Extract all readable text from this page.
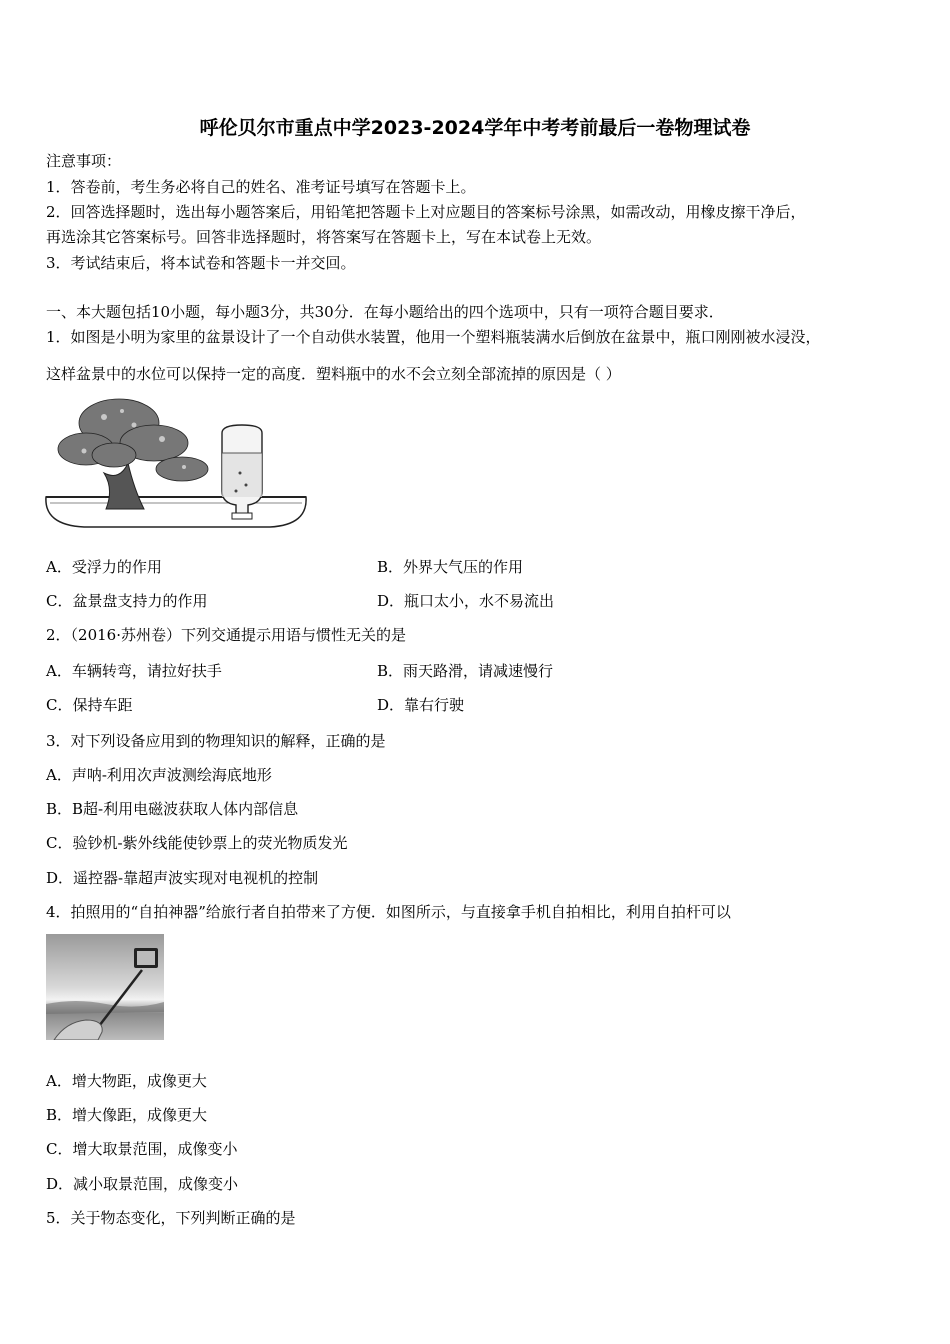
呼伦贝尔市重点中学2023-2024学年中考考前最后一卷物理试卷
注意事项：
1．答卷前，考生务必将自己的姓名、准考证号填写在答题卡上。
2．回答选择题时，选出每小题答案后，用铅笔把答题卡上对应题目的答案标号涂黑，如需改动，用橡皮擦干净后，
再选涂其它答案标号。回答非选择题时，将答案写在答题卡上，写在本试卷上无效。
3．考试结束后，将本试卷和答题卡一并交回。
一、本大题包括10小题，每小题3分，共30分．在每小题给出的四个选项中，只有一项符合题目要求．
1．如图是小明为家里的盆景设计了一个自动供水装置，他用一个塑料瓶装满水后倒放在盆景中，瓶口刚刚被水浸没，
这样盆景中的水位可以保持一定的高度．塑料瓶中的水不会立刻全部流掉的原因是（ ）
A．受浮力的作用	B．外界大气压的作用
C．盆景盘支持力的作用	D．瓶口太小，水不易流出
2．（2016·苏州卷）下列交通提示用语与惯性无关的是
A．车辆转弯，请拉好扶手	B．雨天路滑，请减速慢行
C．保持车距	D．靠右行驶
3．对下列设备应用到的物理知识的解释，正确的是
A．声呐-利用次声波测绘海底地形
B．B超-利用电磁波获取人体内部信息
C．验钞机-紫外线能使钞票上的荧光物质发光
D．遥控器-靠超声波实现对电视机的控制
4．拍照用的“自拍神器”给旅行者自拍带来了方便．如图所示，与直接拿手机自拍相比，利用自拍杆可以
A．增大物距，成像更大
B．增大像距，成像更大
C．增大取景范围，成像变小
D．减小取景范围，成像变小
5．关于物态变化，下列判断正确的是
